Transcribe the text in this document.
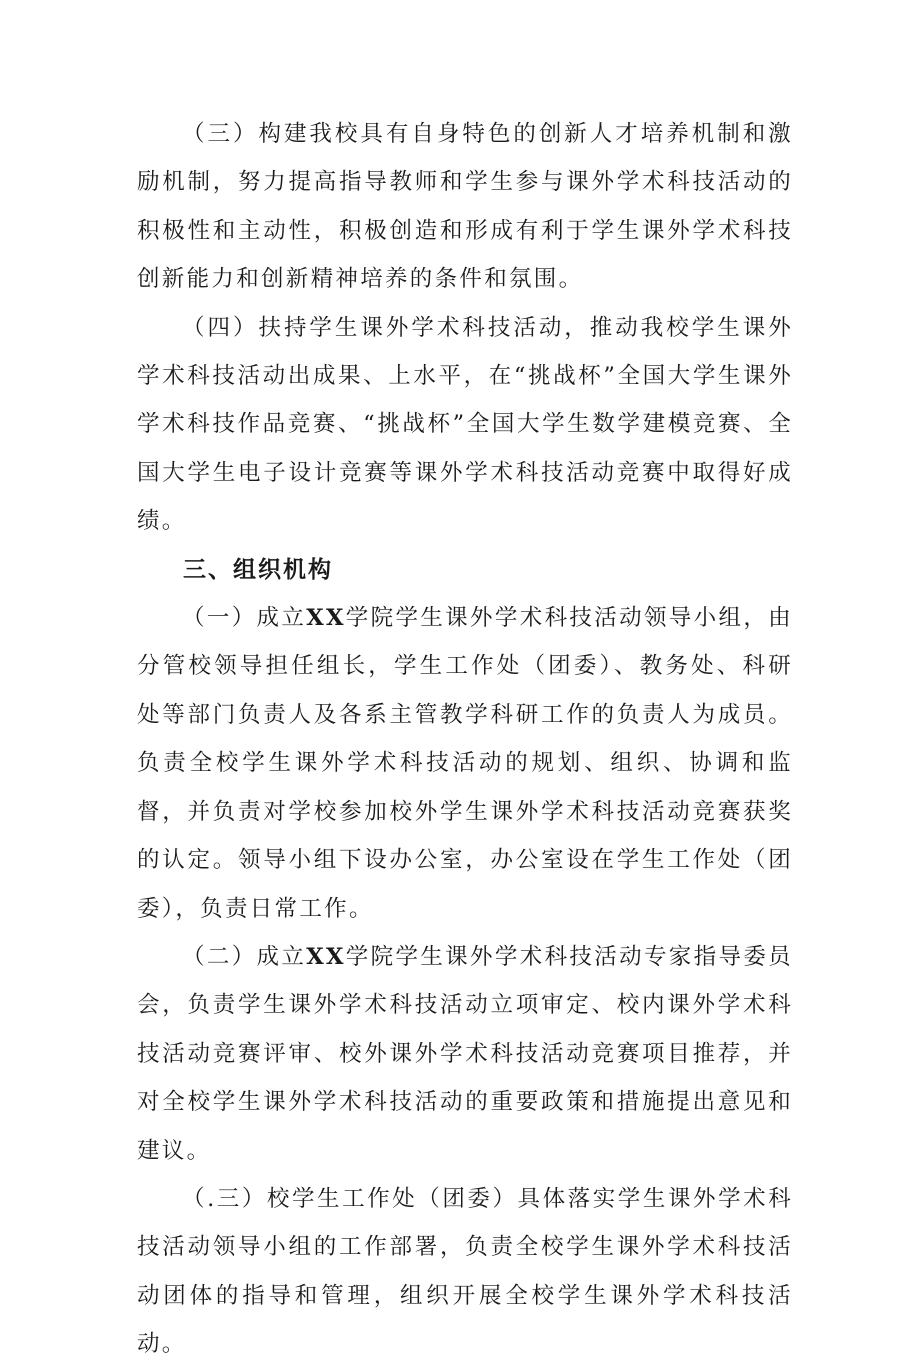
（三）构建我校具有自身特色的创新人才培养机制和激励机制，努力提高指导教师和学生参与课外学术科技活动的积极性和主动性，积极创造和形成有利于学生课外学术科技创新能力和创新精神培养的条件和氛围。

（四）扶持学生课外学术科技活动，推动我校学生课外学术科技活动出成果、上水平，在“挑战杯”全国大学生课外学术科技作品竞赛、“挑战杯”全国大学生数学建模竞赛、全国大学生电子设计竞赛等课外学术科技活动竞赛中取得好成绩。

三、组织机构

（一）成立XX学院学生课外学术科技活动领导小组，由分管校领导担任组长，学生工作处（团委）、教务处、科研处等部门负责人及各系主管教学科研工作的负责人为成员。负责全校学生课外学术科技活动的规划、组织、协调和监督，并负责对学校参加校外学生课外学术科技活动竞赛获奖的认定。领导小组下设办公室，办公室设在学生工作处（团委），负责日常工作。

（二）成立XX学院学生课外学术科技活动专家指导委员会，负责学生课外学术科技活动立项审定、校内课外学术科技活动竞赛评审、校外课外学术科技活动竞赛项目推荐，并对全校学生课外学术科技活动的重要政策和措施提出意见和建议。

（.三）校学生工作处（团委）具体落实学生课外学术科技活动领导小组的工作部署，负责全校学生课外学术科技活动团体的指导和管理，组织开展全校学生课外学术科技活动。
